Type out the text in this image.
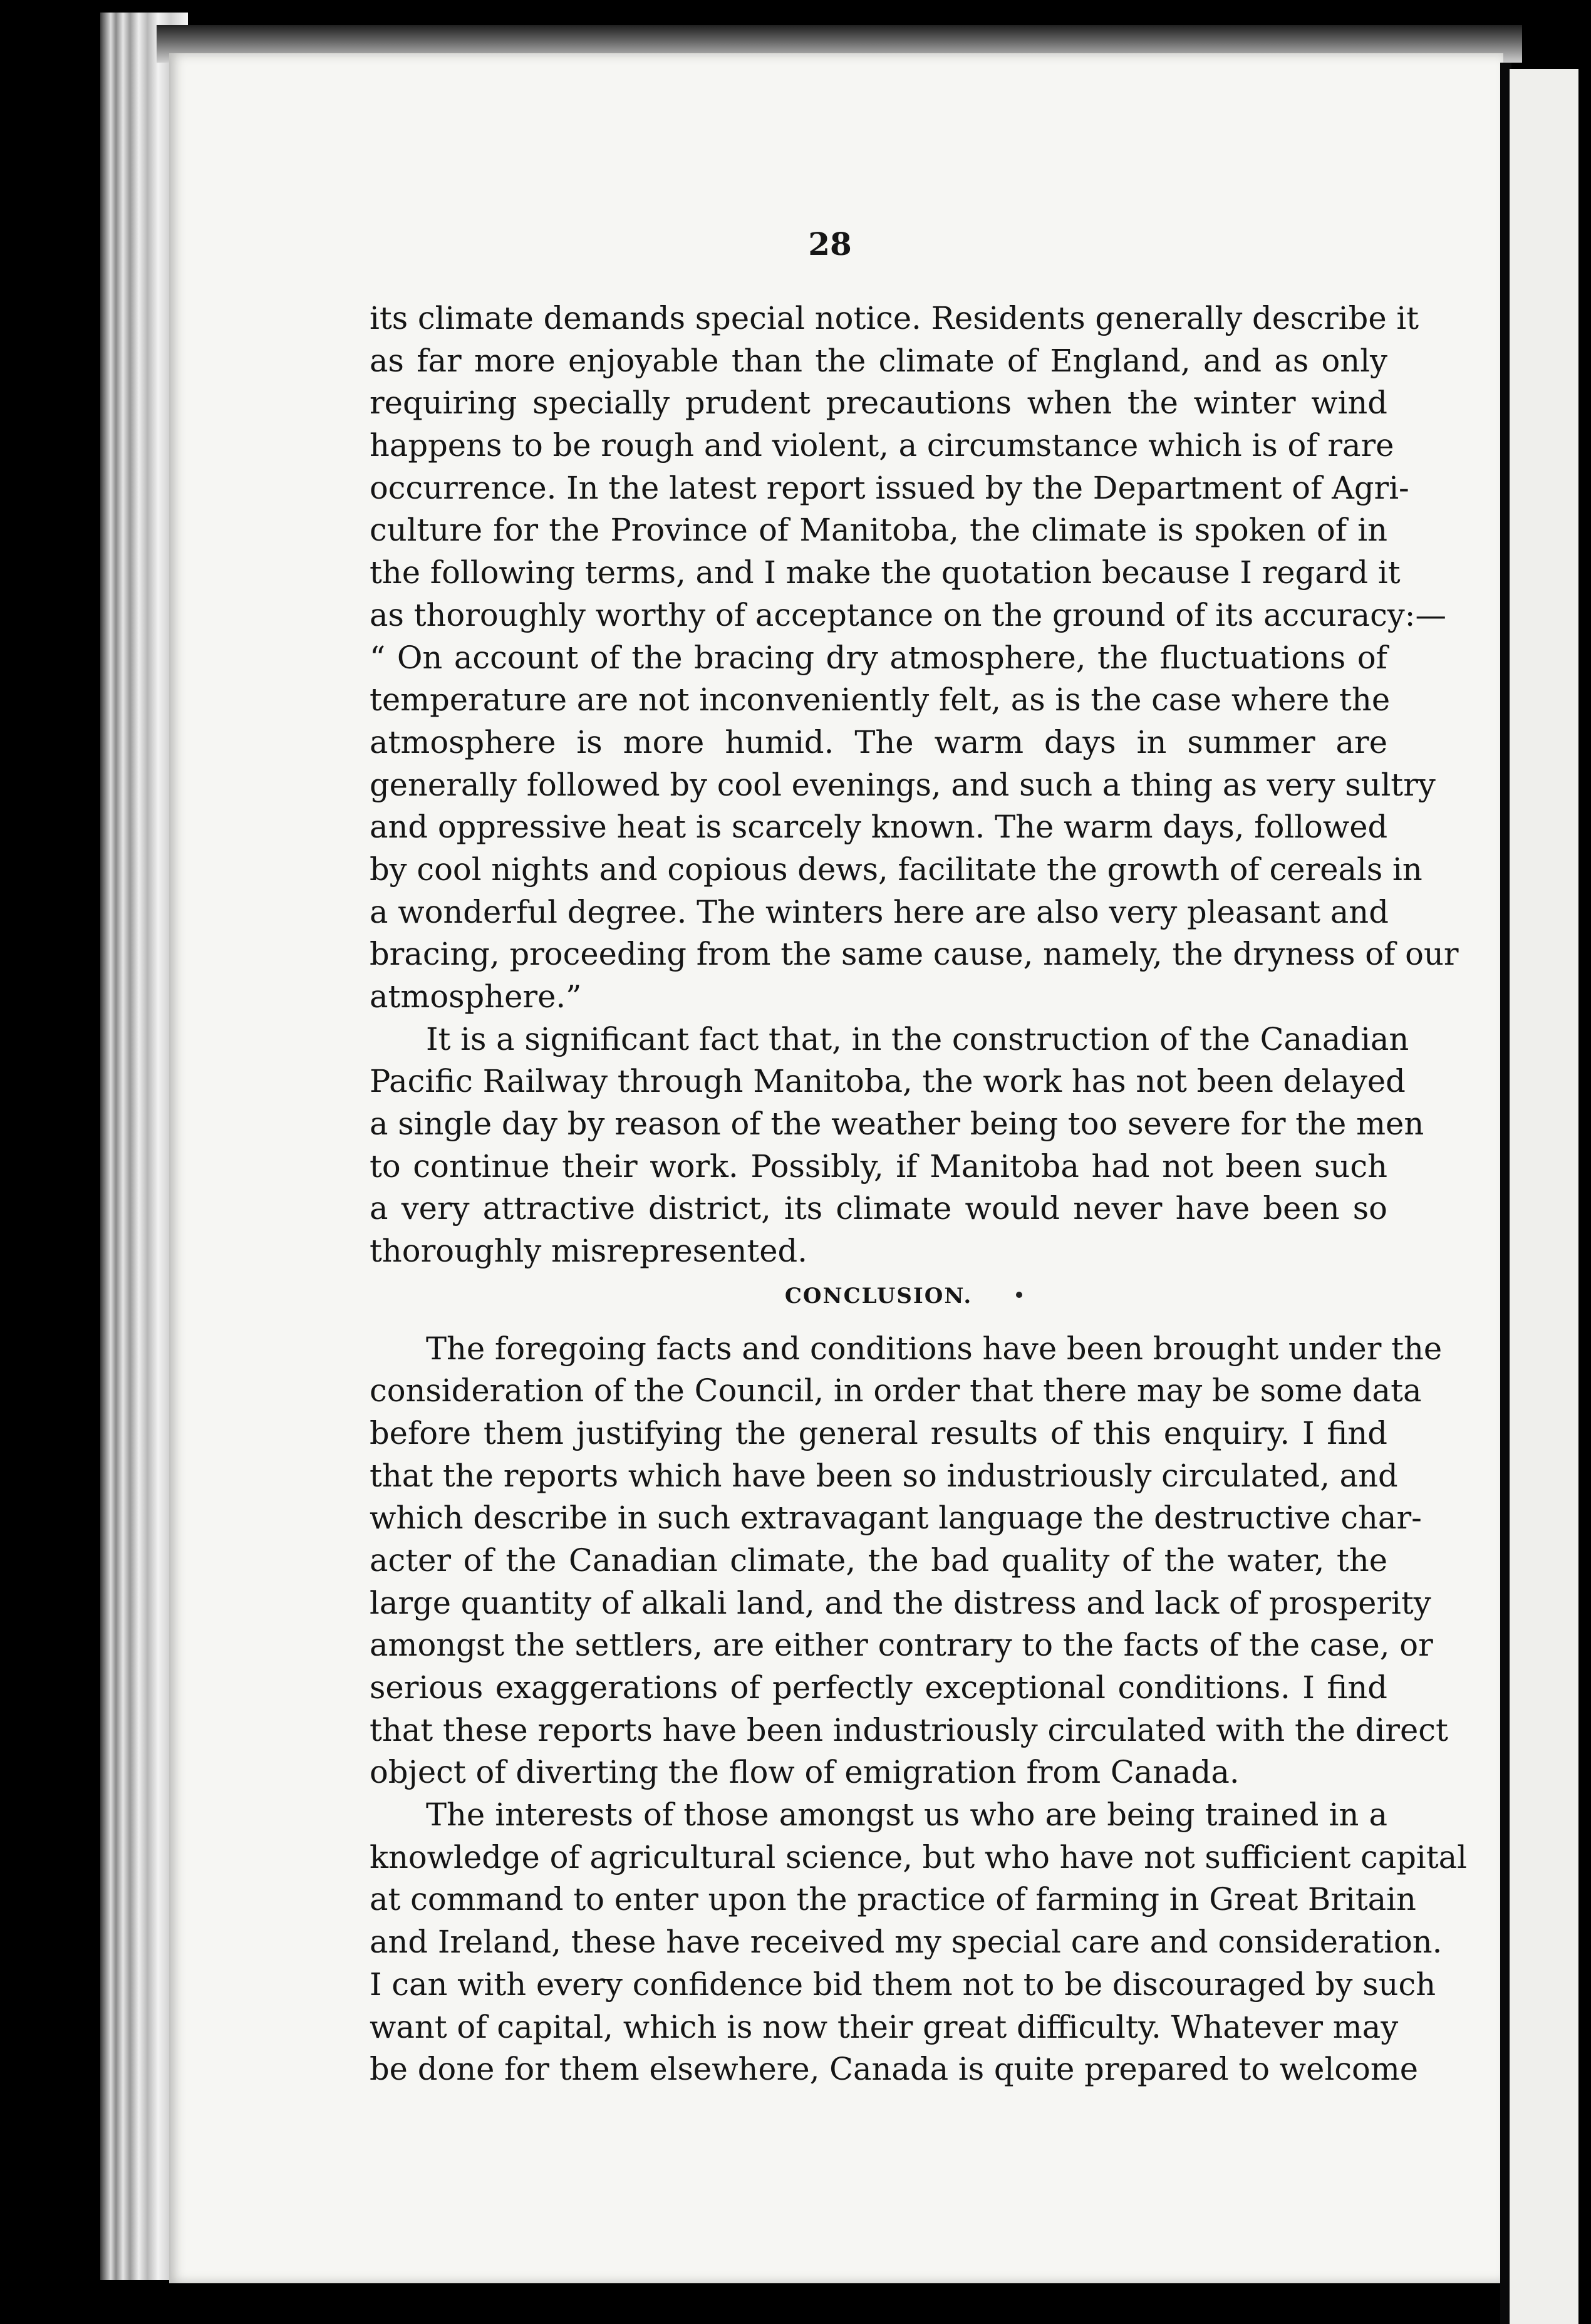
28
its climate demands special notice. Residents generally describe it
as far more enjoyable than the climate of England, and as only
requiring specially prudent precautions when the winter wind
happens to be rough and violent, a circumstance which is of rare
occurrence. In the latest report issued by the Department of Agri-
culture for the Province of Manitoba, the climate is spoken of in
the following terms, and I make the quotation because I regard it
as thoroughly worthy of acceptance on the ground of its accuracy:—
“ On account of the bracing dry atmosphere, the fluctuations of
temperature are not inconveniently felt, as is the case where the
atmosphere is more humid. The warm days in summer are
generally followed by cool evenings, and such a thing as very sultry
and oppressive heat is scarcely known. The warm days, followed
by cool nights and copious dews, facilitate the growth of cereals in
a wonderful degree. The winters here are also very pleasant and
bracing, proceeding from the same cause, namely, the dryness of our
atmosphere.”
It is a significant fact that, in the construction of the Canadian
Pacific Railway through Manitoba, the work has not been delayed
a single day by reason of the weather being too severe for the men
to continue their work. Possibly, if Manitoba had not been such
a very attractive district, its climate would never have been so
thoroughly misrepresented.
CONCLUSION.
The foregoing facts and conditions have been brought under the
consideration of the Council, in order that there may be some data
before them justifying the general results of this enquiry. I find
that the reports which have been so industriously circulated, and
which describe in such extravagant language the destructive char-
acter of the Canadian climate, the bad quality of the water, the
large quantity of alkali land, and the distress and lack of prosperity
amongst the settlers, are either contrary to the facts of the case, or
serious exaggerations of perfectly exceptional conditions. I find
that these reports have been industriously circulated with the direct
object of diverting the flow of emigration from Canada.
The interests of those amongst us who are being trained in a
knowledge of agricultural science, but who have not sufficient capital
at command to enter upon the practice of farming in Great Britain
and Ireland, these have received my special care and consideration.
I can with every confidence bid them not to be discouraged by such
want of capital, which is now their great difficulty. Whatever may
be done for them elsewhere, Canada is quite prepared to welcome
